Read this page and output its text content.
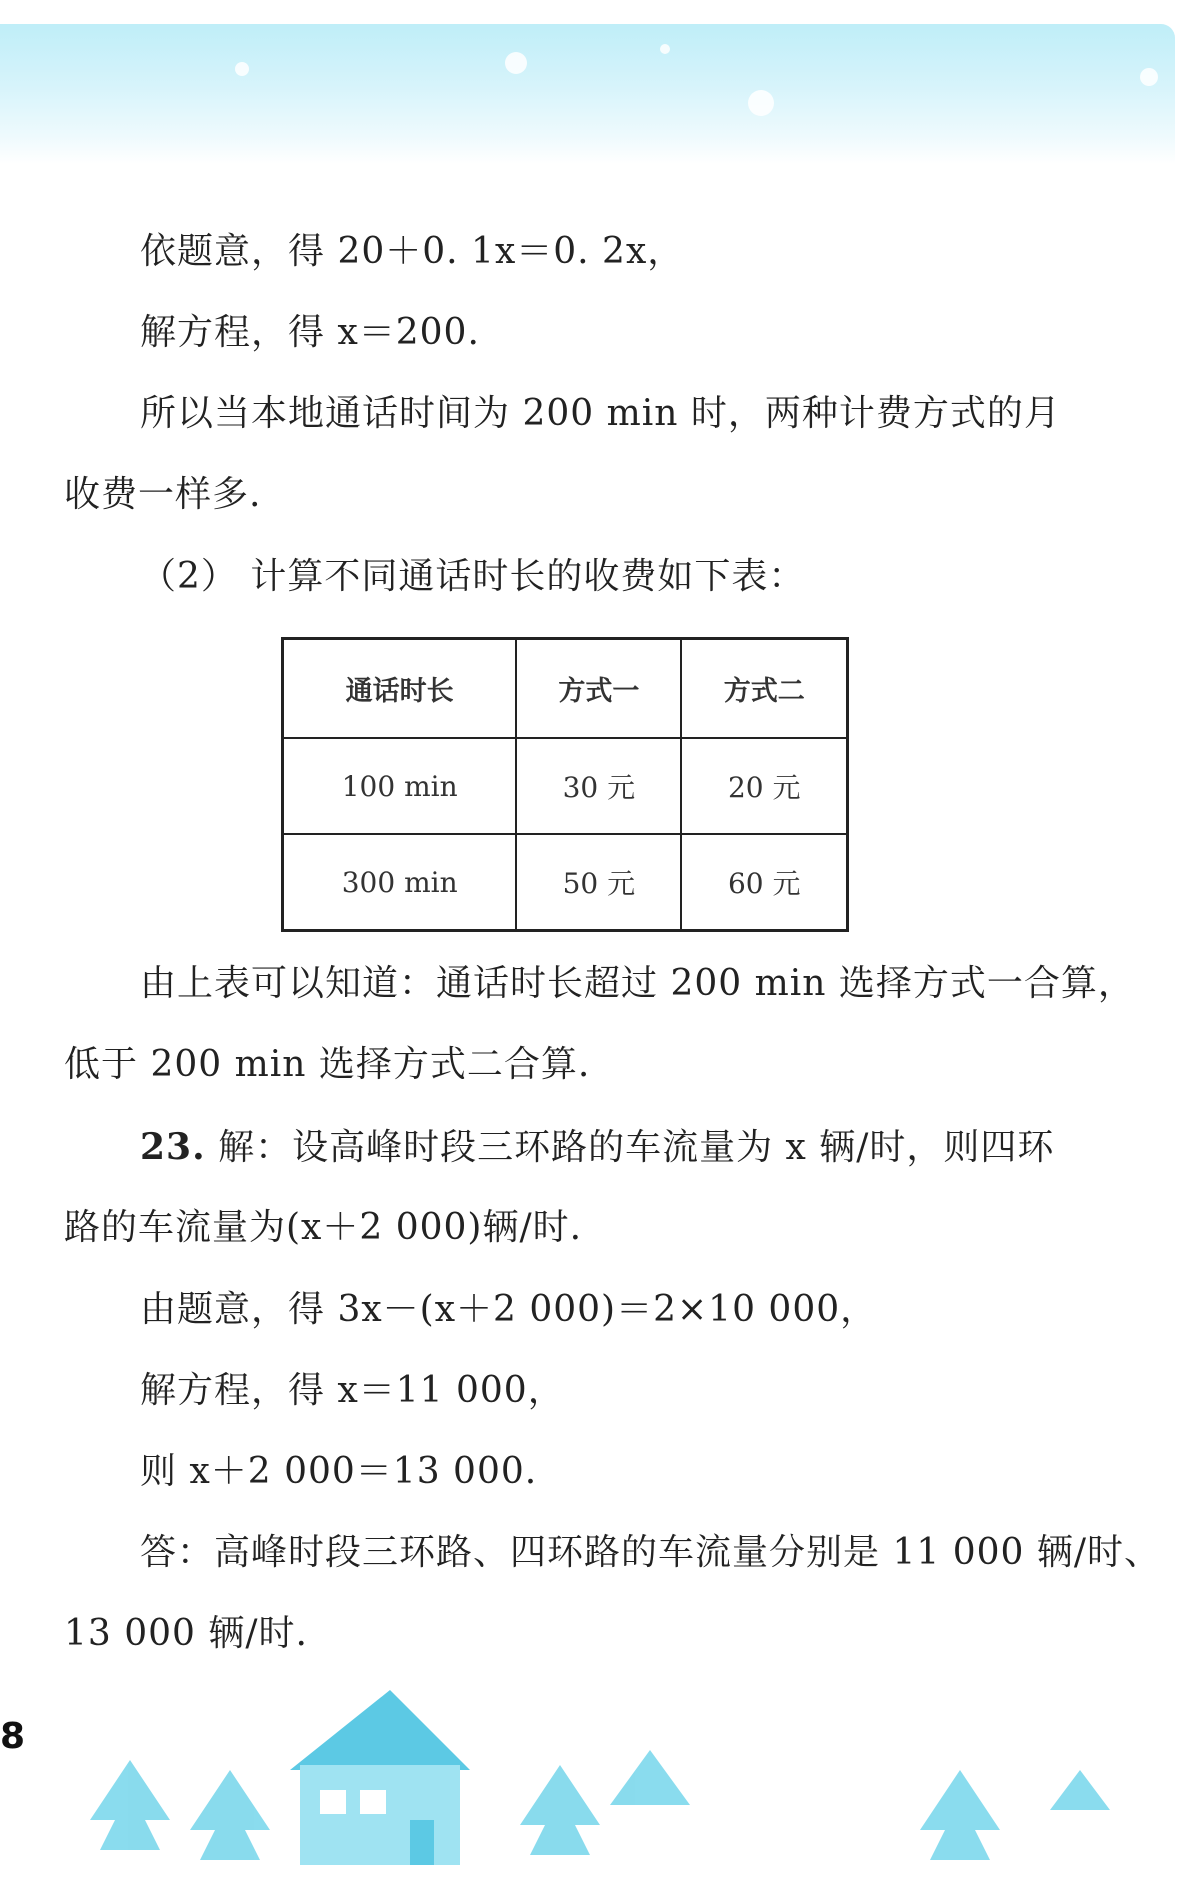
依题意，得 20＋0. 1x＝0. 2x，
解方程，得 x＝200.
所以当本地通话时间为 200 min 时，两种计费方式的月
收费一样多.
（2） 计算不同通话时长的收费如下表：
通话时长	方式一	方式二
100 min	30 元	20 元
300 min	50 元	60 元
由上表可以知道：通话时长超过 200 min 选择方式一合算，
低于 200 min 选择方式二合算.
23. 解：设高峰时段三环路的车流量为 x 辆/时，则四环
路的车流量为(x＋2 000)辆/时.
由题意，得 3x－(x＋2 000)＝2×10 000，
解方程，得 x＝11 000，
则 x＋2 000＝13 000.
答：高峰时段三环路、四环路的车流量分别是 11 000 辆/时、
13 000 辆/时.
8
